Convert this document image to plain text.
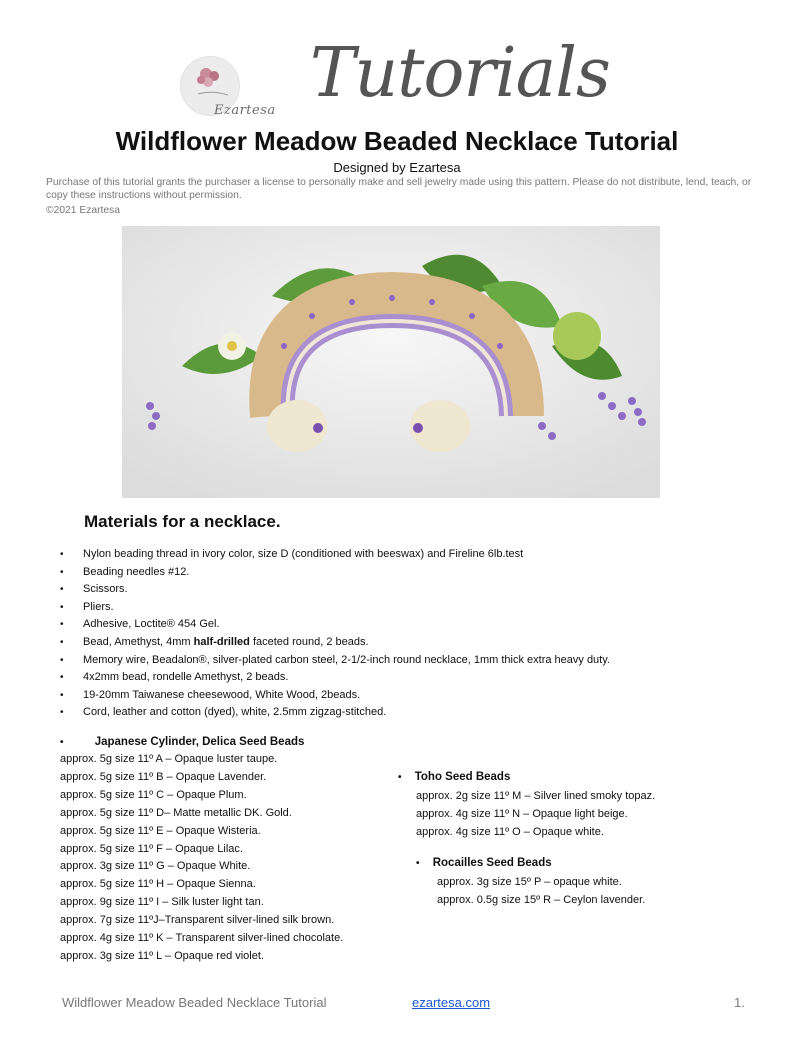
Ezartesa Tutorials
Wildflower Meadow Beaded Necklace Tutorial
Designed by Ezartesa
Purchase of this tutorial grants the purchaser a license to personally make and sell jewelry made using this pattern. Please do not distribute, lend, teach, or copy these instructions without permission.
©2021 Ezartesa
Materials for a necklace.
• Nylon beading thread in ivory color, size D (conditioned with beeswax) and Fireline 6lb.test
• Beading needles #12.
• Scissors.
• Pliers.
• Adhesive, Loctite® 454 Gel.
• Bead, Amethyst, 4mm half-drilled faceted round, 2 beads.
• Memory wire, Beadalon®, silver-plated carbon steel, 2-1/2-inch round necklace, 1mm thick extra heavy duty.
• 4x2mm bead, rondelle Amethyst, 2 beads.
• 19-20mm Taiwanese cheesewood, White Wood, 2beads.
• Cord, leather and cotton (dyed), white, 2.5mm zigzag-stitched.
•	Japanese Cylinder, Delica Seed Beads
approx. 5g size 11º A – Opaque luster taupe.
approx. 5g size 11º B – Opaque Lavender.
approx. 5g size 11º C – Opaque Plum.
approx. 5g size 11º D– Matte metallic DK. Gold.
approx. 5g size 11º E – Opaque Wisteria.
approx. 5g size 11º F – Opaque Lilac.
approx. 3g size 11º G – Opaque White.
approx. 5g size 11º H – Opaque Sienna.
approx. 9g size 11º I – Silk luster light tan.
approx. 7g size 11ºJ–Transparent silver-lined silk brown.
approx. 4g size 11º K – Transparent silver-lined chocolate.
approx. 3g size 11º L – Opaque red violet.
• Toho Seed Beads
approx. 2g size 11º M – Silver lined smoky topaz.
approx. 4g size 11º N – Opaque light beige.
approx. 4g size 11º O – Opaque white.
• Rocailles Seed Beads
approx. 3g size 15º P – opaque white.
approx. 0.5g size 15º R – Ceylon lavender.
Wildflower Meadow Beaded Necklace Tutorial	ezartesa.com	1.
